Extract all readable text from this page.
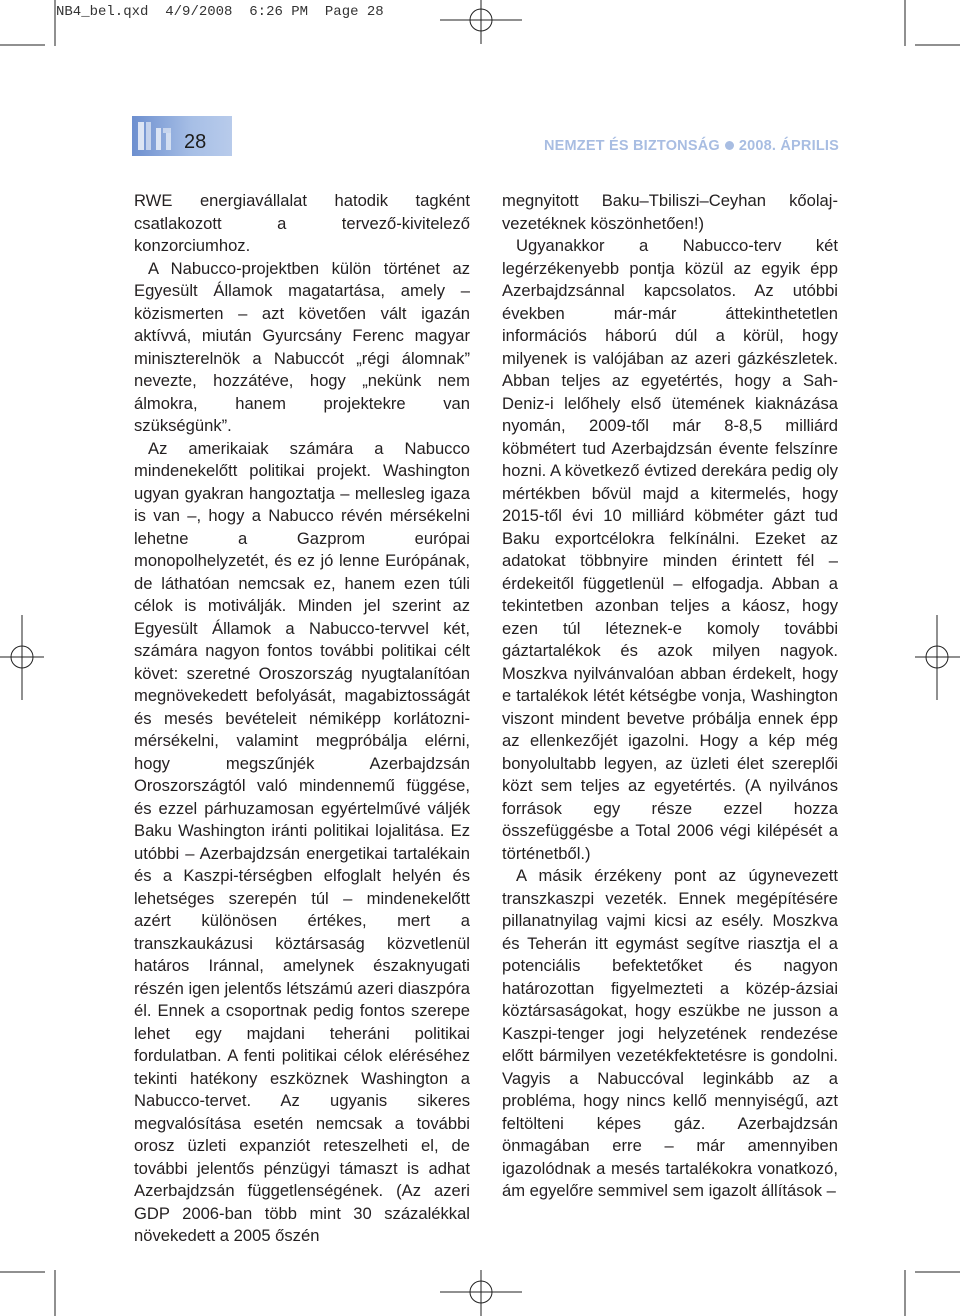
NB4_bel.qxd 4/9/2008 6:26 PM Page 28
28	NEMZET ÉS BIZTONSÁG 2008. ÁPRILIS

RWE energiavállalat hatodik tagként csatlakozott a tervező-kivitelező konzorciumhoz.

A Nabucco-projektben külön történet az Egyesült Államok magatartása, amely – közismerten – azt követően vált igazán aktívvá, miután Gyurcsány Ferenc magyar miniszterelnök a Nabuccót „régi álomnak” nevezte, hozzátéve, hogy „nekünk nem álmokra, hanem projektekre van szükségünk”.

Az amerikaiak számára a Nabucco mindenekelőtt politikai projekt. Washington ugyan gyakran hangoztatja – mellesleg igaza is van –, hogy a Nabucco révén mérsékelni lehetne a Gazprom európai monopolhelyzetét, és ez jó lenne Európának, de láthatóan nemcsak ez, hanem ezen túli célok is motiválják. Minden jel szerint az Egyesült Államok a Nabucco-tervvel két, számára nagyon fontos további politikai célt követ: szeretné Oroszország nyugtalanítóan megnövekedett befolyását, magabiztosságát és mesés bevételeit némiképp korlátozni-mérsékelni, valamint megpróbálja elérni, hogy megszűnjék Azerbajdzsán Oroszországtól való mindennemű függése, és ezzel párhuzamosan egyértelművé váljék Baku Washington iránti politikai lojalitása. Ez utóbbi – Azerbajdzsán energetikai tartalékain és a Kaszpi-térségben elfoglalt helyén és lehetséges szerepén túl – mindenekelőtt azért különösen értékes, mert a transzkaukázusi köztársaság közvetlenül határos Iránnal, amelynek északnyugati részén igen jelentős létszámú azeri diaszpóra él. Ennek a csoportnak pedig fontos szerepe lehet egy majdani teheráni politikai fordulatban. A fenti politikai célok eléréséhez tekinti hatékony eszköznek Washington a Nabucco-tervet. Az ugyanis sikeres megvalósítása esetén nemcsak a további orosz üzleti expanziót reteszelheti el, de további jelentős pénzügyi támaszt is adhat Azerbajdzsán függetlenségének. (Az azeri GDP 2006-ban több mint 30 százalékkal növekedett a 2005 őszén

megnyitott Baku–Tbiliszi–Ceyhan kőolaj-vezetéknek köszönhetően!)

Ugyanakkor a Nabucco-terv két legérzékenyebb pontja közül az egyik épp Azerbajdzsánnal kapcsolatos. Az utóbbi években már-már áttekinthetetlen információs háború dúl a körül, hogy milyenek is valójában az azeri gázkészletek. Abban teljes az egyetértés, hogy a Sah-Deniz-i lelőhely első ütemének kiaknázása nyomán, 2009-től már 8-8,5 milliárd köbmétert tud Azerbajdzsán évente felszínre hozni. A következő évtized derekára pedig oly mértékben bővül majd a kitermelés, hogy 2015-től évi 10 milliárd köbméter gázt tud Baku exportcélokra felkínálni. Ezeket az adatokat többnyire minden érintett fél – érdekeitől függetlenül – elfogadja. Abban a tekintetben azonban teljes a káosz, hogy ezen túl léteznek-e komoly további gáztartalékok és azok milyen nagyok. Moszkva nyilvánvalóan abban érdekelt, hogy e tartalékok létét kétségbe vonja, Washington viszont mindent bevetve próbálja ennek épp az ellenkezőjét igazolni. Hogy a kép még bonyolultabb legyen, az üzleti élet szereplői közt sem teljes az egyetértés. (A nyilvános források egy része ezzel hozza összefüggésbe a Total 2006 végi kilépését a történetből.)

A másik érzékeny pont az úgynevezett transzkaszpi vezeték. Ennek megépítésére pillanatnyilag vajmi kicsi az esély. Moszkva és Teherán itt egymást segítve riasztja el a potenciális befektetőket és nagyon határozottan figyelmezteti a közép-ázsiai köztársaságokat, hogy eszükbe ne jusson a Kaszpi-tenger jogi helyzetének rendezése előtt bármilyen vezetékfektetésre is gondolni. Vagyis a Nabuccóval leginkább az a probléma, hogy nincs kellő mennyiségű, azt feltölteni képes gáz. Azerbajdzsán önmagában erre – már amennyiben igazolódnak a mesés tartalékokra vonatkozó, ám egyelőre semmivel sem igazolt állítások –
